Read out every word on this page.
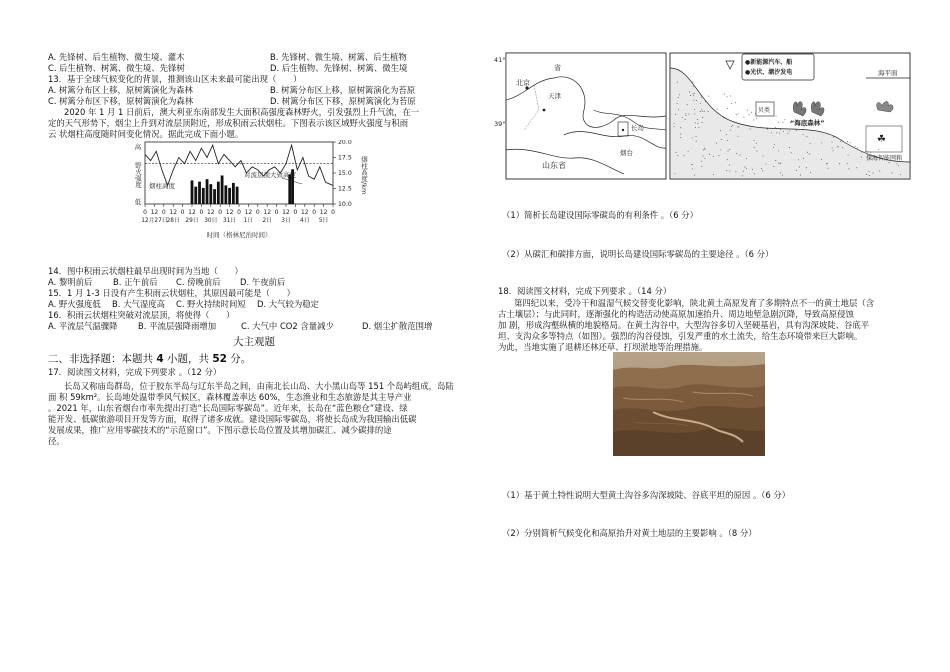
A. 先锋树、后生植物、微生境、灌木	B. 先锋树、微生境、树篱、后生植物
C. 后生植物、树篱、微生境、先锋树	D. 后生植物、先锋树、树篱、微生境
13．基于全球气候变化的背景，推测该山区未来最可能出现（　　）
A. 树篱分布区上移，原树篱演化为森林	B. 树篱分布区上移，原树篱演化为苔原
C. 树篱分布区下移，原树篱演化为森林	D. 树篱分布区下移，原树篱演化为苔原
2020 年 1 月 1 日前后，澳大利亚东南部发生大面积高强度森林野火，引发强烈上升气流，在一
定的天气形势下，烟尘上升到对流层顶附近，形成积雨云状烟柱。下图表示该区域野火强度与积雨
云 状烟柱高度随时间变化情况。据此完成下面小题。
野火强度
高
低
20.0
17.5
15.0
12.5
10.0
烟柱高度/km
烟柱高度
对流层顶大致高度
0 12 0 12 0 12 0 12 0 12 0 12 0 12 0 12 0 12 0 12 0
12月27日 28日 29日 30日 31日 1日 2日 3日 4日 5日
时间（格林尼治时间）
14．图中积雨云状烟柱最早出现时间为当地（　　）
A. 黎明前后 B. 正午前后 C. 傍晚前后 D. 午夜前后
15．1 月 1-3 日没有产生积雨云状烟柱，其原因最可能是（　　）
A. 野火强度低 B. 大气湿度高 C. 野火持续时间短 D. 大气较为稳定
16．积雨云状烟柱突破对流层顶，将使得（　　）
A. 平流层气温骤降 B. 平流层强降雨增加	C. 大气中 CO2 含量减少	D. 烟尘扩散范围增
大主观题
二、非选择题：本题共 4 小题，共 52 分。
17．阅读图文材料，完成下列要求 。（12 分）
长岛又称庙岛群岛，位于胶东半岛与辽东半岛之间，由南北长山岛、大小黑山岛等 151 个岛屿组成，岛陆
面 积 59km²。长岛地处温带季风气候区，森林覆盖率达 60%，生态渔业和生态旅游是其主导产业
。2021 年，山东省烟台市率先提出打造“长岛国际零碳岛”。近年来，长岛在“蓝色粮仓”建设、绿
能开发、低碳旅游项目开发等方面，取得了诸多成就。建设国际零碳岛，将使长岛成为我国输出低碳
发展成果，推广应用零碳技术的“示范窗口”。下图示意长岛位置及其增加碳汇、减少碳排的途
径。
41°
39°
北京
天津
省
山东省
长岛
烟台
海平面
●新能源汽车、船
●光伏、潮汐发电
贝类
“海底森林”
☘
探海智能网箱
（1）简析长岛建设国际零碳岛的有利条件 。（6 分）
（2）从碳汇和碳排方面，说明长岛建设国际零碳岛的主要途径 。（6 分）
18．阅读图文材料，完成下列要求 。（14 分）
第四纪以来，受冷干和温湿气候交替变化影响，陕北黄土高原发育了多期特点不一的黄土地层（含
古土壤层）；与此同时，逐渐强化的构造活动使高原加速抬升、周边地堑急剧沉降，导致高原侵蚀
加 剧，形成沟壑纵横的地貌格局。在黄土沟谷中，大型沟谷多切入坚硬基岩，具有沟深坡陡、谷底平
坦、支沟众多等特点（如图）。强烈的沟谷侵蚀，引发严重的水土流失，给生态环境带来巨大影响。
为此，当地实施了退耕还林还草、打坝淤地等治理措施。
（1）基于黄土特性说明大型黄土沟谷多沟深坡陡、谷底平坦的原因 。（6 分）
（2）分别简析气候变化和高原抬升对黄土地层的主要影响 。（8 分）
